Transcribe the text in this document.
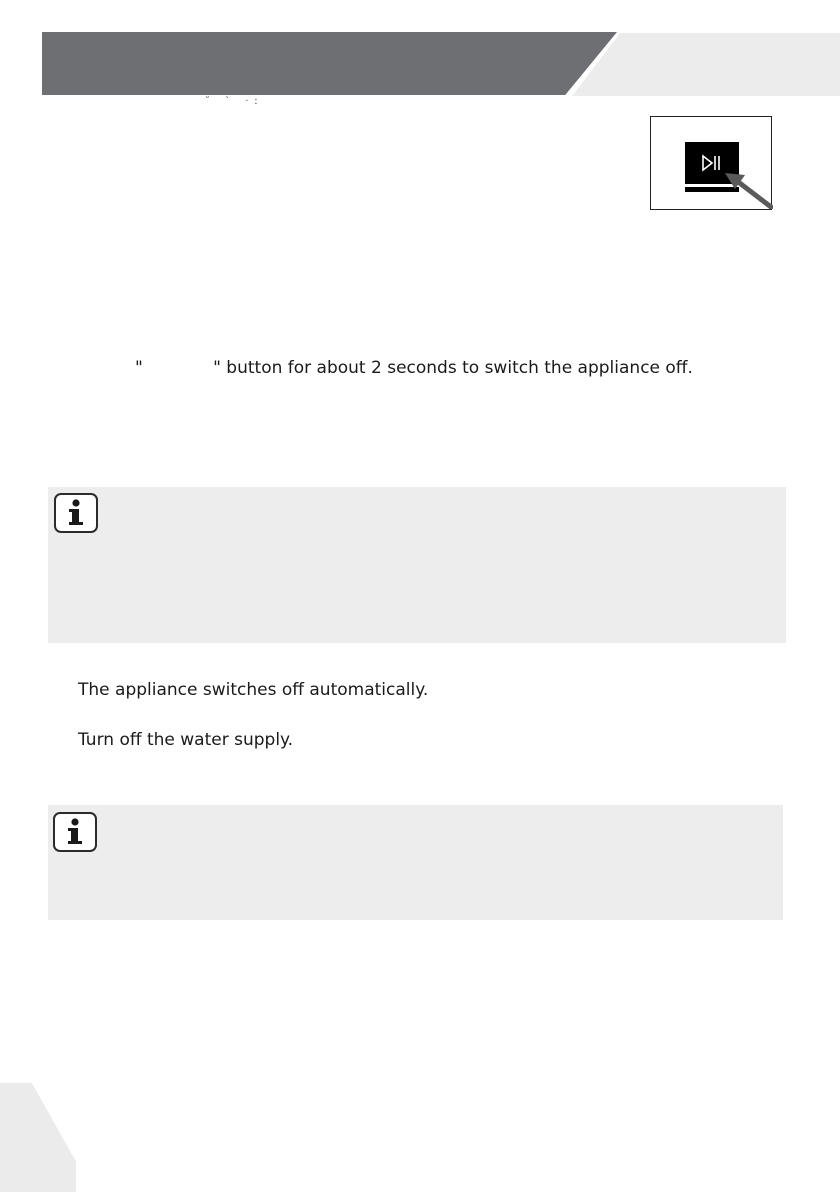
˘ ` ·ː
"             " button for about 2 seconds to switch the appliance off.
The appliance switches off automatically.
Turn off the water supply.
